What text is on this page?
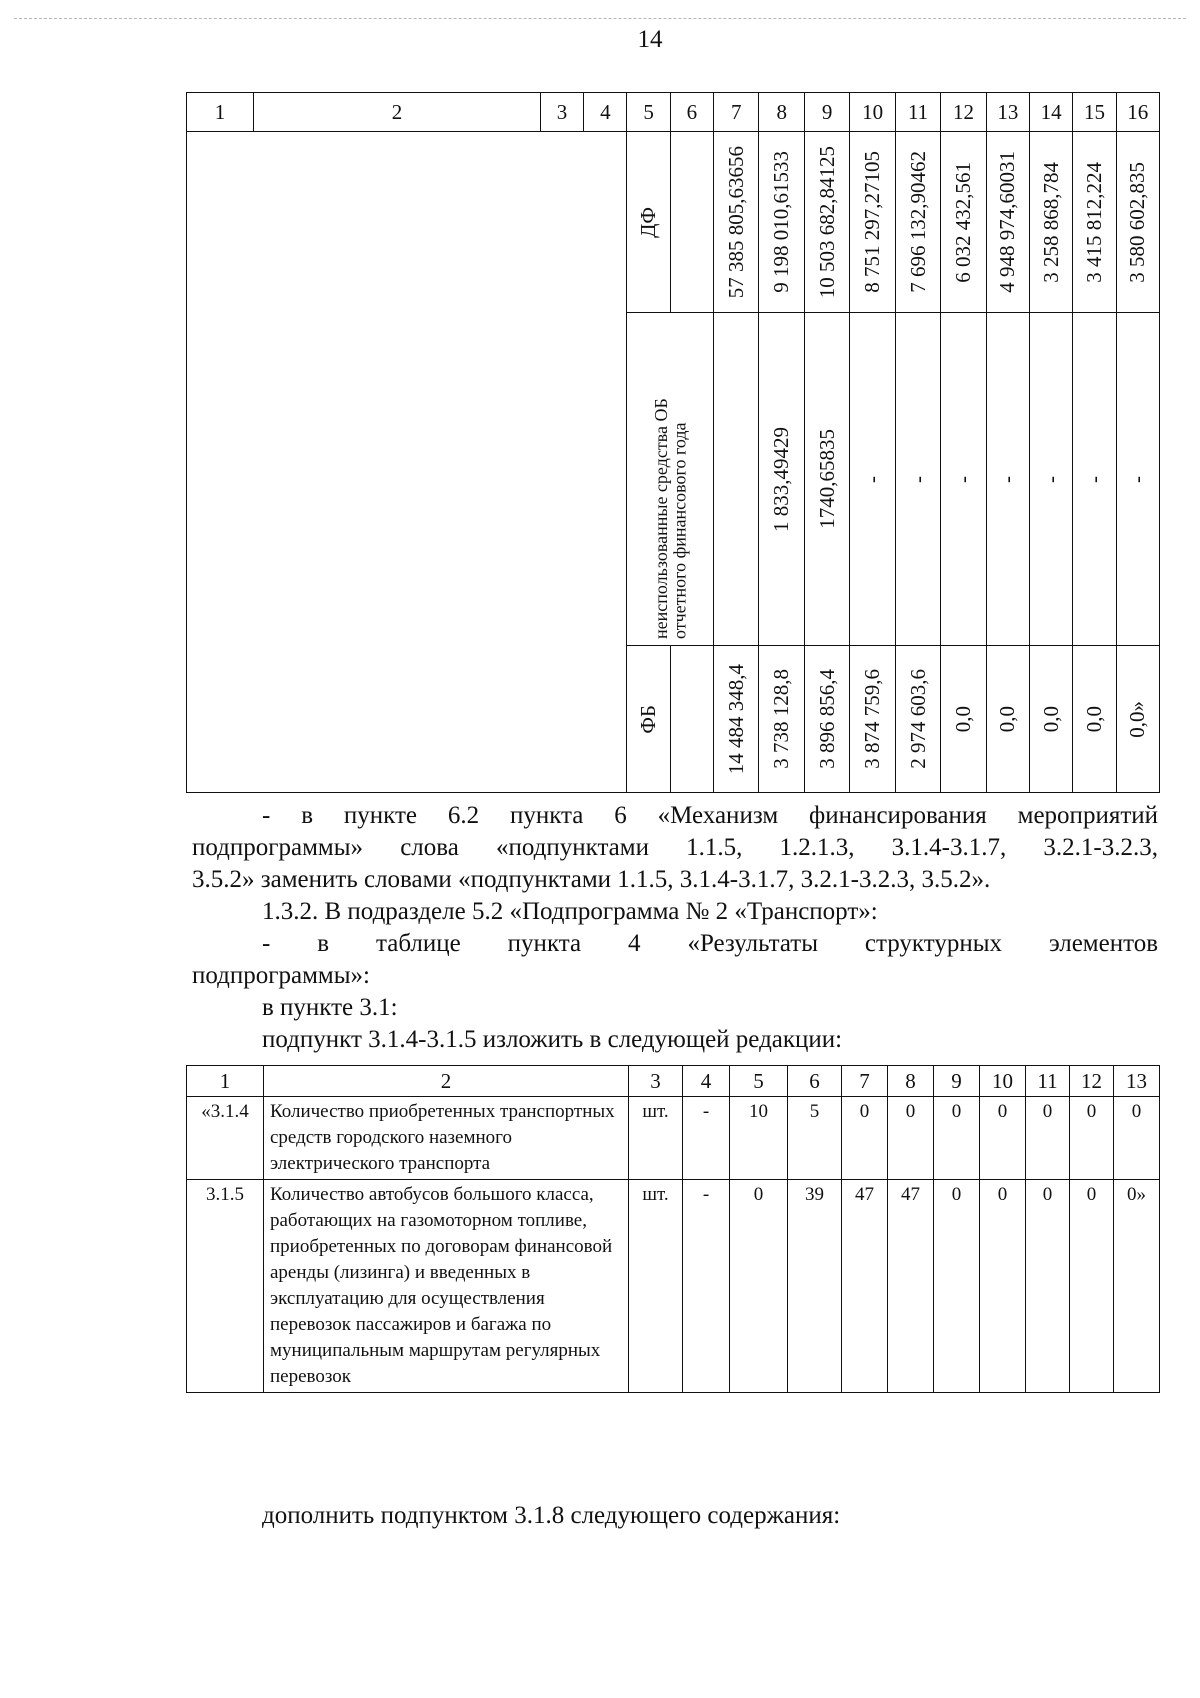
14
1	2	3	4	5	6	7	8	9	10	11	12	13	14	15	16

				ДФ		57 385 805,63656	9 198 010,61533	10 503 682,84125	8 751 297,27105	7 696 132,90462	6 032 432,561	4 948 974,60031	3 258 868,784	3 415 812,224	3 580 602,835

				неиспользованные средства ОБ отчетного финансового года			1 833,49429	1740,65835	-	-	-	-	-	-	-

				ФБ		14 484 348,4	3 738 128,8	3 896 856,4	3 874 759,6	2 974 603,6	0,0	0,0	0,0	0,0	0,0»
- в пункте 6.2 пункта 6 «Механизм финансирования мероприятий
подпрограммы» слова «подпунктами 1.1.5, 1.2.1.3, 3.1.4-3.1.7, 3.2.1-3.2.3,
3.5.2» заменить словами «подпунктами 1.1.5, 3.1.4-3.1.7, 3.2.1-3.2.3, 3.5.2».
1.3.2. В подразделе 5.2 «Подпрограмма № 2 «Транспорт»:
- в таблице пункта 4 «Результаты структурных элементов
подпрограммы»:
в пункте 3.1:
подпункт 3.1.4-3.1.5 изложить в следующей редакции:
1	2	3	4	5	6	7	8	9	10	11	12	13
«3.1.4	Количество приобретенных транспортных средств городского наземного электрического транспорта	шт.	-	10	5	0	0	0	0	0	0	0
3.1.5	Количество автобусов большого класса, работающих на газомоторном топливе, приобретенных по договорам финансовой аренды (лизинга) и введенных в эксплуатацию для осуществления перевозок пассажиров и багажа по муниципальным маршрутам регулярных перевозок	шт.	-	0	39	47	47	0	0	0	0	0»
дополнить подпунктом 3.1.8 следующего содержания:
